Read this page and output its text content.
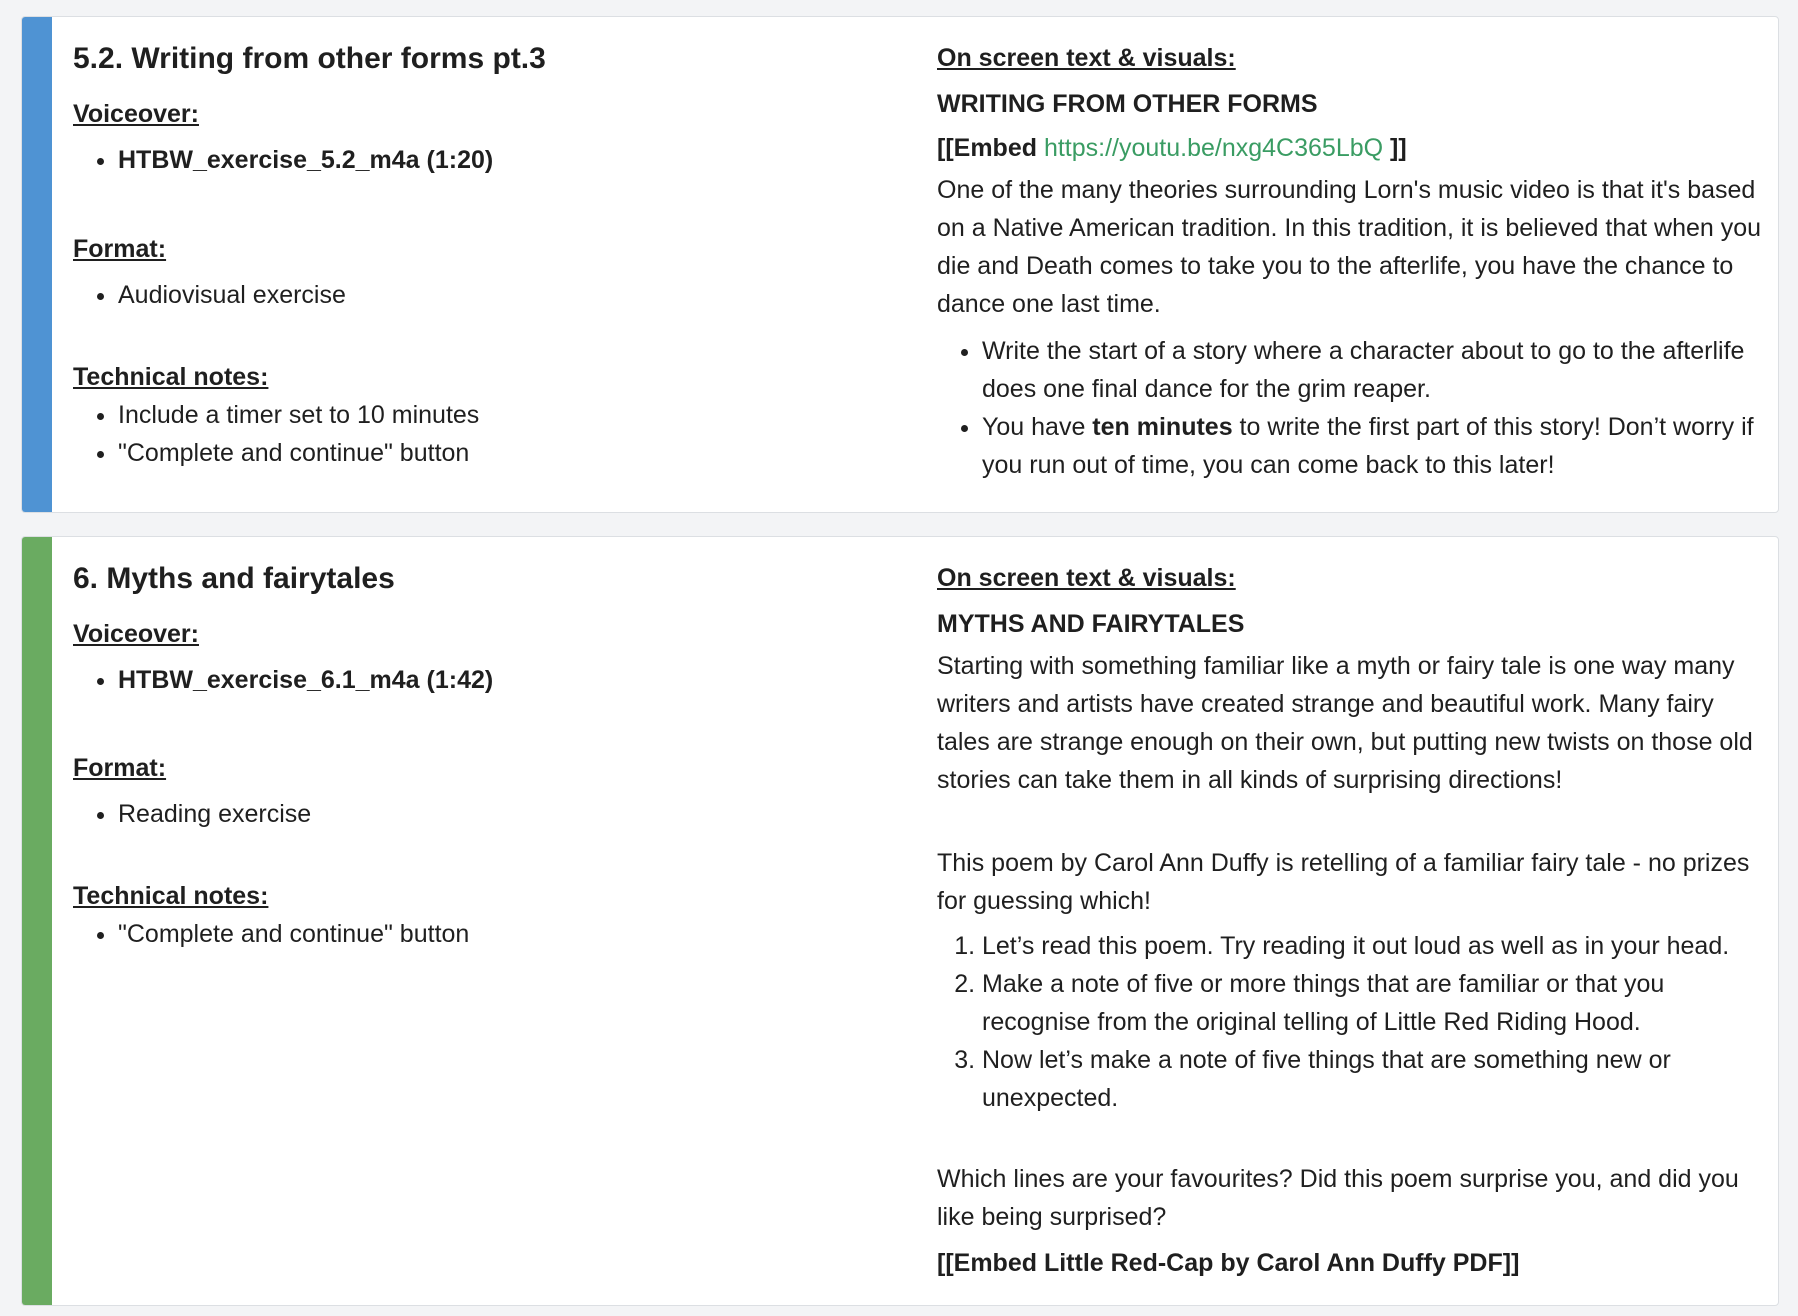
5.2. Writing from other forms pt.3
Voiceover:
• HTBW_exercise_5.2_m4a (1:20)
Format:
• Audiovisual exercise
Technical notes:
• Include a timer set to 10 minutes
• "Complete and continue" button
On screen text & visuals:
WRITING FROM OTHER FORMS
[[Embed https://youtu.be/nxg4C365LbQ ]]

One of the many theories surrounding Lorn's music video is that it's based on a Native American tradition. In this tradition, it is believed that when you die and Death comes to take you to the afterlife, you have the chance to dance one last time.

• Write the start of a story where a character about to go to the afterlife does one final dance for the grim reaper.
• You have ten minutes to write the first part of this story! Don’t worry if you run out of time, you can come back to this later!
6. Myths and fairytales
Voiceover:
• HTBW_exercise_6.1_m4a (1:42)
Format:
• Reading exercise
Technical notes:
• "Complete and continue" button
On screen text & visuals:
MYTHS AND FAIRYTALES

Starting with something familiar like a myth or fairy tale is one way many writers and artists have created strange and beautiful work. Many fairy tales are strange enough on their own, but putting new twists on those old stories can take them in all kinds of surprising directions!

This poem by Carol Ann Duffy is retelling of a familiar fairy tale - no prizes for guessing which!

1. Let’s read this poem. Try reading it out loud as well as in your head.
2. Make a note of five or more things that are familiar or that you recognise from the original telling of Little Red Riding Hood.
3. Now let’s make a note of five things that are something new or unexpected.

Which lines are your favourites? Did this poem surprise you, and did you like being surprised?

[[Embed Little Red-Cap by Carol Ann Duffy PDF]]
